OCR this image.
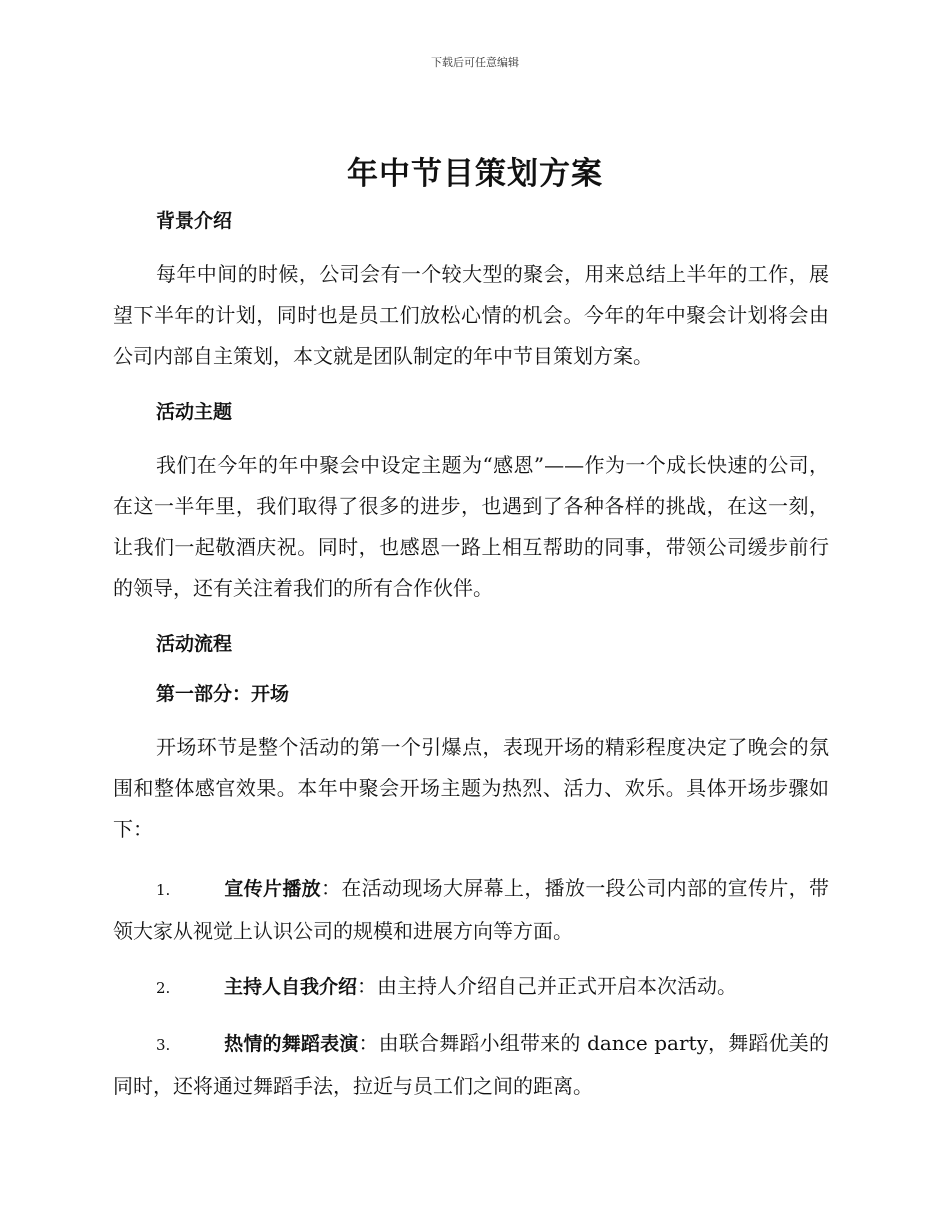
下载后可任意编辑
年中节目策划方案
背景介绍

每年中间的时候，公司会有一个较大型的聚会，用来总结上半年的工作，展望下半年的计划，同时也是员工们放松心情的机会。今年的年中聚会计划将会由公司内部自主策划，本文就是团队制定的年中节目策划方案。

活动主题

我们在今年的年中聚会中设定主题为“感恩”——作为一个成长快速的公司，在这一半年里，我们取得了很多的进步，也遇到了各种各样的挑战，在这一刻，让我们一起敬酒庆祝。同时，也感恩一路上相互帮助的同事，带领公司缓步前行的领导，还有关注着我们的所有合作伙伴。

活动流程
第一部分：开场

开场环节是整个活动的第一个引爆点，表现开场的精彩程度决定了晚会的氛围和整体感官效果。本年中聚会开场主题为热烈、活力、欢乐。具体开场步骤如下：

1.	宣传片播放：在活动现场大屏幕上，播放一段公司内部的宣传片，带领大家从视觉上认识公司的规模和进展方向等方面。

2.	主持人自我介绍：由主持人介绍自己并正式开启本次活动。

3.	热情的舞蹈表演：由联合舞蹈小组带来的 dance party，舞蹈优美的同时，还将通过舞蹈手法，拉近与员工们之间的距离。
